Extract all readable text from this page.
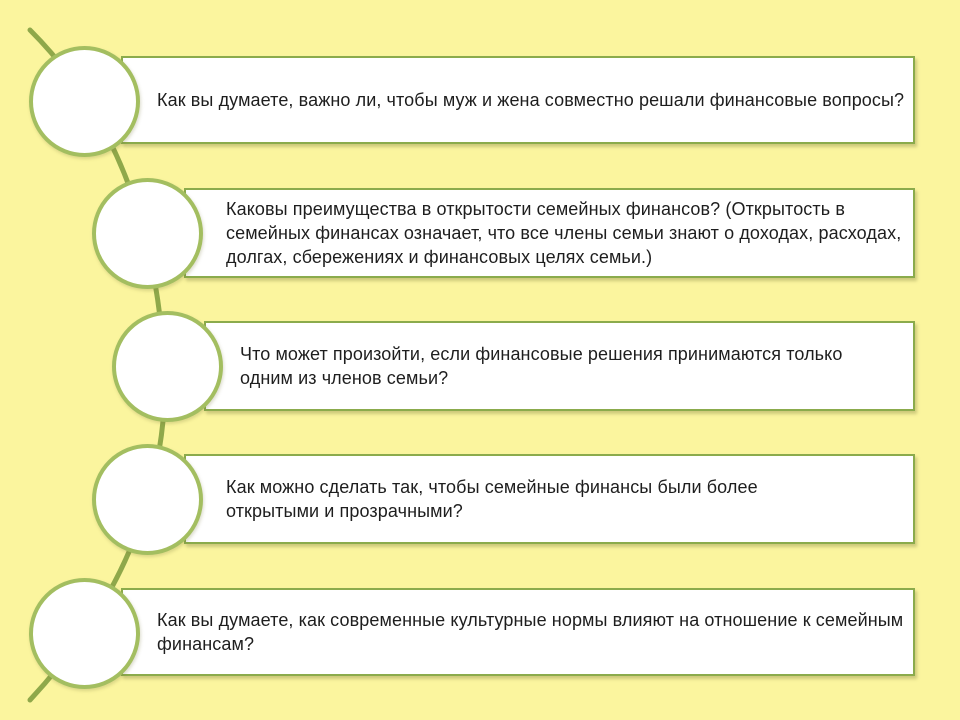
Как вы думаете, важно ли, чтобы муж и жена совместно решали финансовые вопросы?
Каковы преимущества в открытости семейных финансов? (Открытость в семейных финансах означает, что все члены семьи знают о доходах, расходах, долгах, сбережениях и финансовых целях семьи.)
Что может произойти, если финансовые решения принимаются только одним из членов семьи?
Как можно сделать так, чтобы семейные финансы были более открытыми и прозрачными?
Как вы думаете, как современные культурные нормы влияют на отношение к семейным финансам?
